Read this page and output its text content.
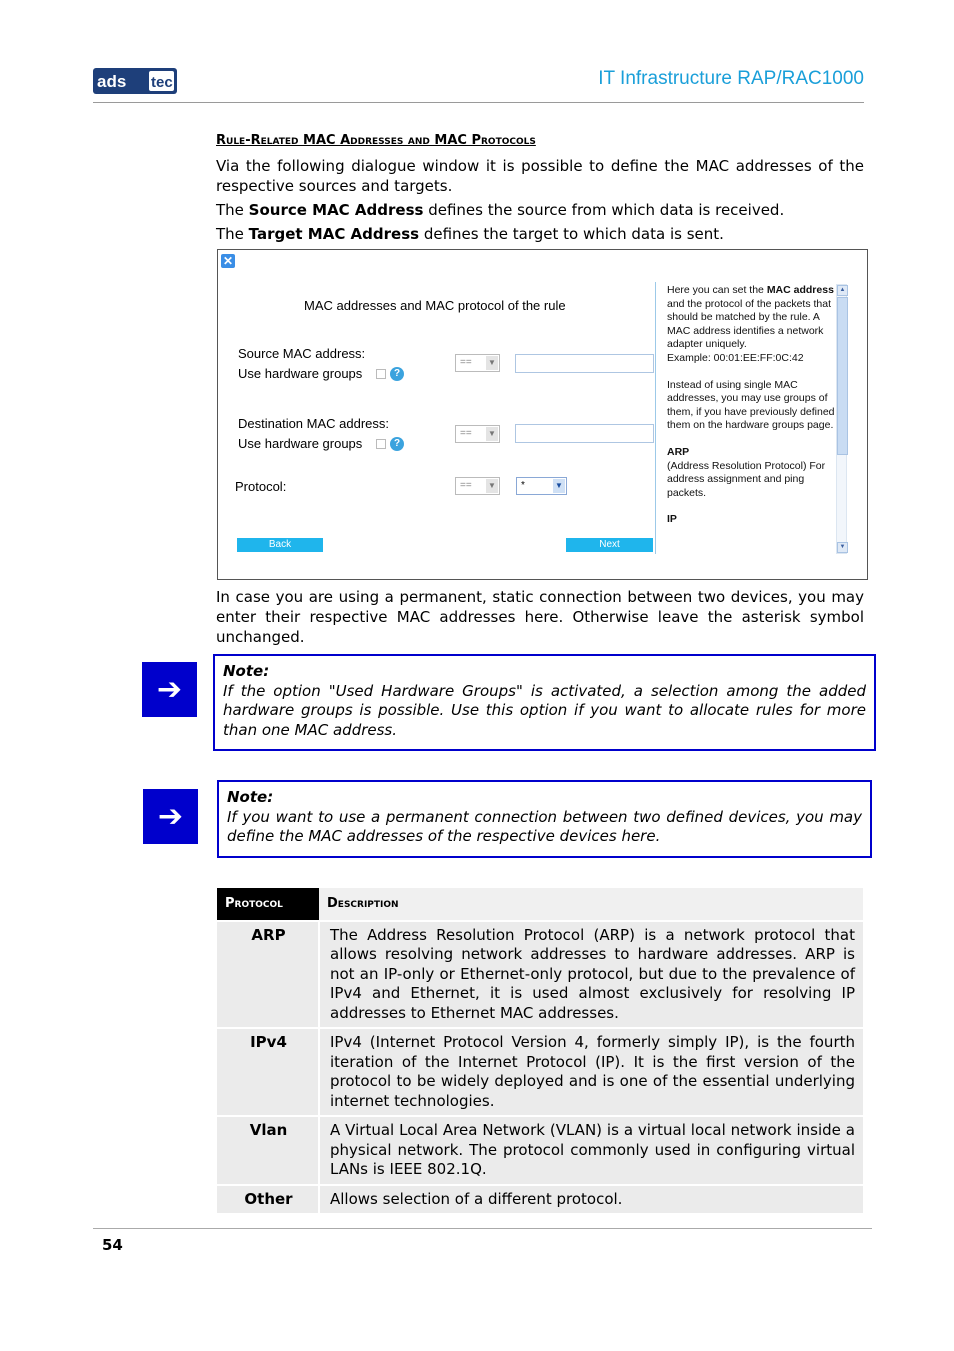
ads tec	IT Infrastructure RAP/RAC1000
Rule-Related MAC Addresses and MAC Protocols
Via the following dialogue window it is possible to define the MAC addresses of the respective sources and targets.
The Source MAC Address defines the source from which data is received.
The Target MAC Address defines the target to which data is sent.
✕
MAC addresses and MAC protocol of the rule
Source MAC address:
Use hardware groups	?
== ▼
Destination MAC address:
Use hardware groups	?
== ▼
Protocol:	== ▼	*	▼
Back	Next

Here you can set the MAC address and the protocol of the packets that should be matched by the rule. A MAC address identifies a network adapter uniquely.
Example: 00:01:EE:FF:0C:42

Instead of using single MAC addresses, you may use groups of them, if you have previously defined them on the hardware groups page.

ARP
(Address Resolution Protocol) For address assignment and ping packets.

IP

▲
▼
In case you are using a permanent, static connection between two devices, you may enter their respective MAC addresses here. Otherwise leave the asterisk symbol unchanged.
➔
Note:
If the option "Used Hardware Groups" is activated, a selection among the added hardware groups is possible. Use this option if you want to allocate rules for more than one MAC address.
➔
Note:
If you want to use a permanent connection between two defined devices, you may define the MAC addresses of the respective devices here.
Protocol	Description
ARP	The Address Resolution Protocol (ARP) is a network protocol that allows resolving network addresses to hardware addresses. ARP is not an IP-only or Ethernet-only protocol, but due to the prevalence of IPv4 and Ethernet, it is used almost exclusively for resolving IP addresses to Ethernet MAC addresses.
IPv4	IPv4 (Internet Protocol Version 4, formerly simply IP), is the fourth iteration of the Internet Protocol (IP). It is the first version of the protocol to be widely deployed and is one of the essential underlying internet technologies.
Vlan	A Virtual Local Area Network (VLAN) is a virtual local network inside a physical network. The protocol commonly used in configuring virtual LANs is IEEE 802.1Q.
Other	Allows selection of a different protocol.
54
